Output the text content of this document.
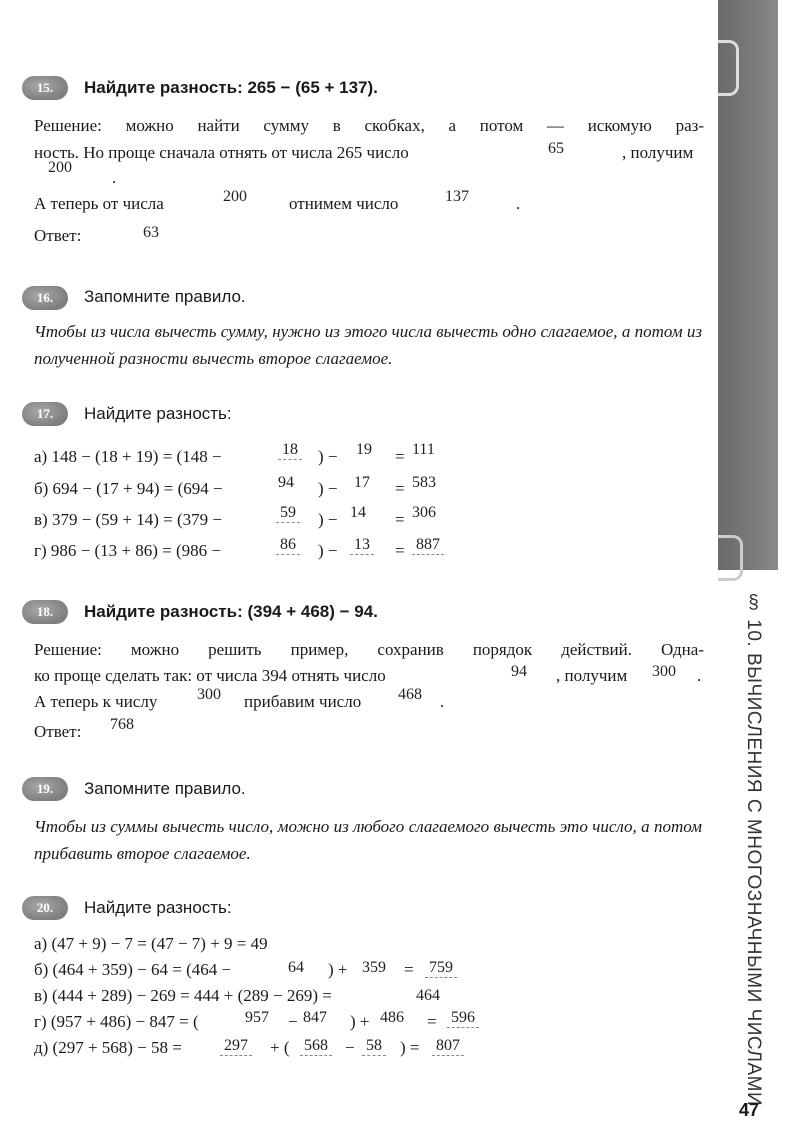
§ 10. ВЫЧИСЛЕНИЯ С МНОГОЗНАЧНЫМИ ЧИСЛАМИ
15.	Найдите разность: 265 − (65 + 137).
Решение: можно найти сумму в скобках, а потом — искомую раз-
ность. Но проще сначала отнять от числа 265 число	65	, получим
200
.
А теперь от числа	200 отнимем число	137	.
Ответ:	63
16.	Запомните правило.
Чтобы из числа вычесть сумму, нужно из этого числа вычесть одно слагаемое, а потом из полученной разности вычесть второе слагаемое.
17.	Найдите разность:
а) 148 − (18 + 19) = (148 −	18 ) − 19 = 111
б) 694 − (17 + 94) = (694 −	94 ) − 17 = 583
в) 379 − (59 + 14) = (379 −	59 ) − 14 = 306
г) 986 − (13 + 86) = (986 −	86 ) − 13 = 887
18.	Найдите разность: (394 + 468) − 94.
Решение: можно решить пример, сохранив порядок действий. Одна-
ко проще сделать так: от числа 394 отнять число	94 , получим 300 .
А теперь к числу 300 прибавим число 468 .
Ответ: 768
19.	Запомните правило.
Чтобы из суммы вычесть число, можно из любого слагаемого вычесть это число, а потом прибавить второе слагаемое.
20.	Найдите разность:
а) (47 + 9) − 7 = (47 − 7) + 9 = 49
б) (464 + 359) − 64 = (464 −	64 ) + 359 = 759
в) (444 + 289) − 269 = 444 + (289 − 269) =	464
г) (957 + 486) − 847 = (	957 − 847 ) + 486 = 596
д) (297 + 568) − 58 =	297 + ( 568 − 58 ) = 807
47
